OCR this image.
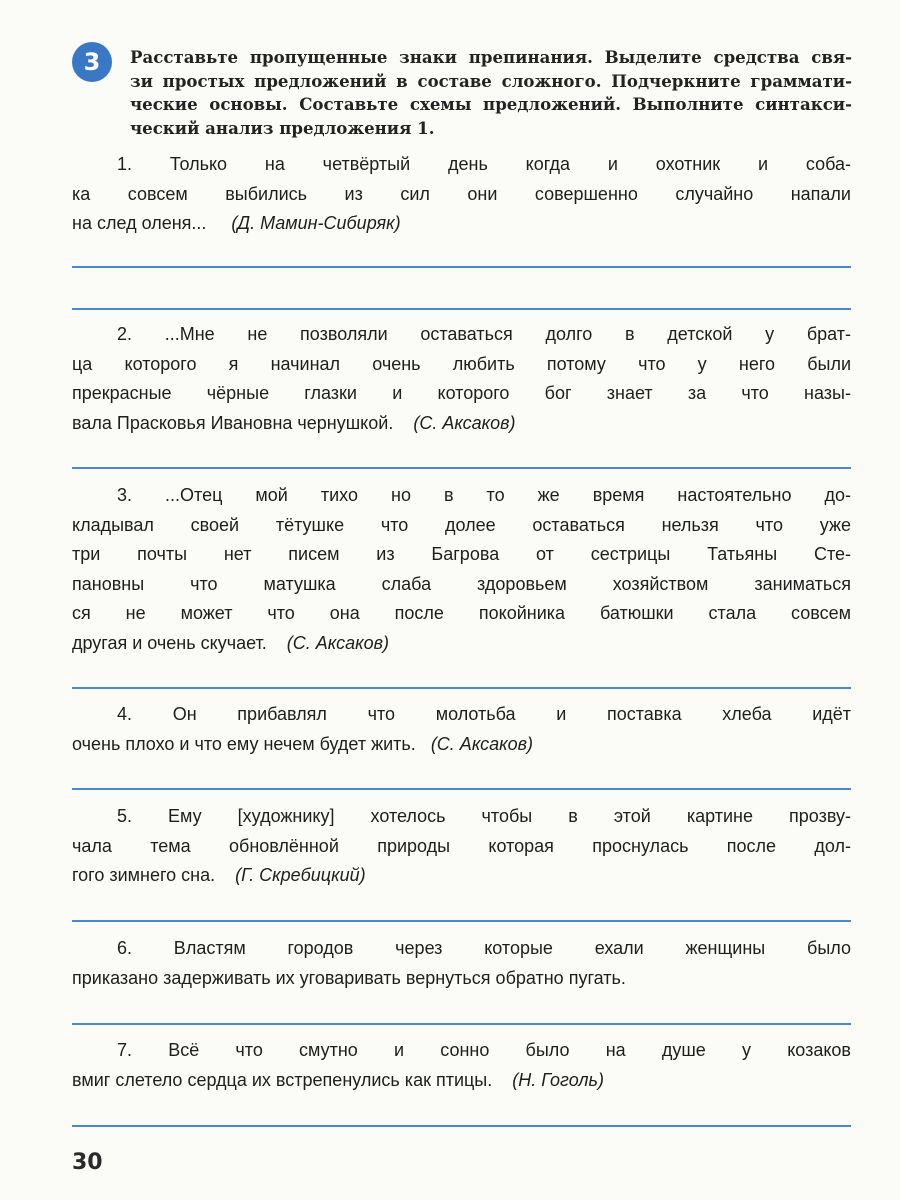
3	Расставьте пропущенные знаки препинания. Выделите средства свя-
зи простых предложений в составе сложного. Подчеркните граммати-
ческие основы. Составьте схемы предложений. Выполните синтакси-
ческий анализ предложения 1.
1. Только на четвёртый день когда и охотник и соба-
ка совсем выбились из сил они совершенно случайно напали
на след оленя... (Д. Мамин-Сибиряк)
2. ...Мне не позволяли оставаться долго в детской у брат-
ца которого я начинал очень любить потому что у него были
прекрасные чёрные глазки и которого бог знает за что назы-
вала Прасковья Ивановна чернушкой. (С. Аксаков)
3. ...Отец мой тихо но в то же время настоятельно до-
кладывал своей тётушке что долее оставаться нельзя что уже
три почты нет писем из Багрова от сестрицы Татьяны Сте-
пановны что матушка слаба здоровьем хозяйством заниматься
ся не может что она после покойника батюшки стала совсем
другая и очень скучает. (С. Аксаков)
4. Он прибавлял что молотьба и поставка хлеба идёт
очень плохо и что ему нечем будет жить. (С. Аксаков)
5. Ему [художнику] хотелось чтобы в этой картине прозву-
чала тема обновлённой природы которая проснулась после дол-
гого зимнего сна. (Г. Скребицкий)
6. Властям городов через которые ехали женщины было
приказано задерживать их уговаривать вернуться обратно пугать.
7. Всё что смутно и сонно было на душе у козаков
вмиг слетело сердца их встрепенулись как птицы. (Н. Гоголь)
30
